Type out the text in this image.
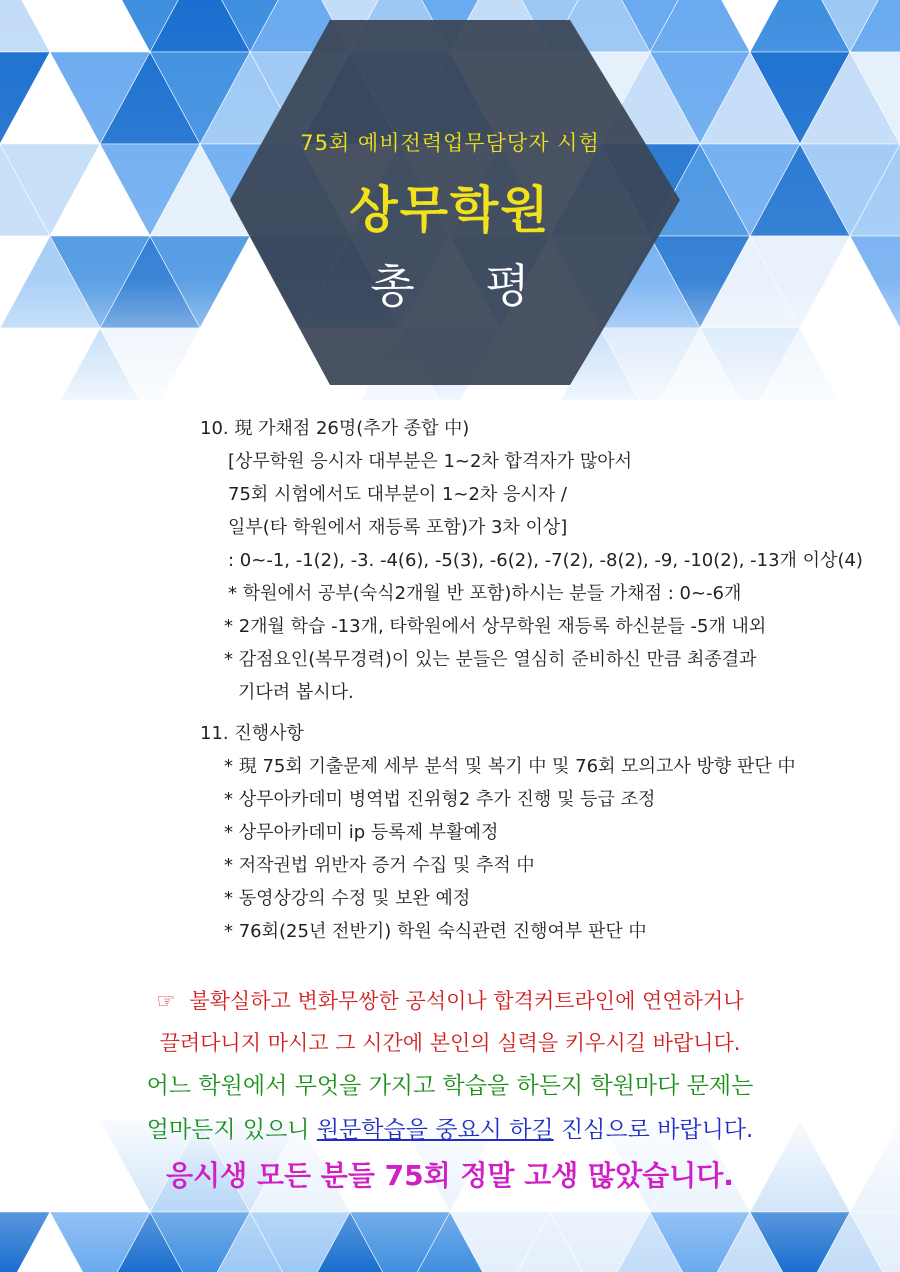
75회 예비전력업무담당자 시험
상무학원
총 평
10. 現 가채점 26명(추가 종합 中)
[상무학원 응시자 대부분은 1~2차 합격자가 많아서
75회 시험에서도 대부분이 1~2차 응시자 /
일부(타 학원에서 재등록 포함)가 3차 이상]
: 0~-1, -1(2), -3. -4(6), -5(3), -6(2), -7(2), -8(2), -9, -10(2), -13개 이상(4)
* 학원에서 공부(숙식2개월 반 포함)하시는 분들 가채점 : 0~-6개
* 2개월 학습 -13개, 타학원에서 상무학원 재등록 하신분들 -5개 내외
* 감점요인(복무경력)이 있는 분들은 열심히 준비하신 만큼 최종결과
기다려 봅시다.
11. 진행사항
* 現 75회 기출문제 세부 분석 및 복기 中 및 76회 모의고사 방향 판단 中
* 상무아카데미 병역법 진위형2 추가 진행 및 등급 조정
* 상무아카데미 ip 등록제 부활예정
* 저작권법 위반자 증거 수집 및 추적 中
* 동영상강의 수정 및 보완 예정
* 76회(25년 전반기) 학원 숙식관련 진행여부 판단 中
☞ 불확실하고 변화무쌍한 공석이나 합격커트라인에 연연하거나
끌려다니지 마시고 그 시간에 본인의 실력을 키우시길 바랍니다.
어느 학원에서 무엇을 가지고 학습을 하든지 학원마다 문제는
얼마든지 있으니 원문학습을 중요시 하길 진심으로 바랍니다.
응시생 모든 분들 75회 정말 고생 많았습니다.
